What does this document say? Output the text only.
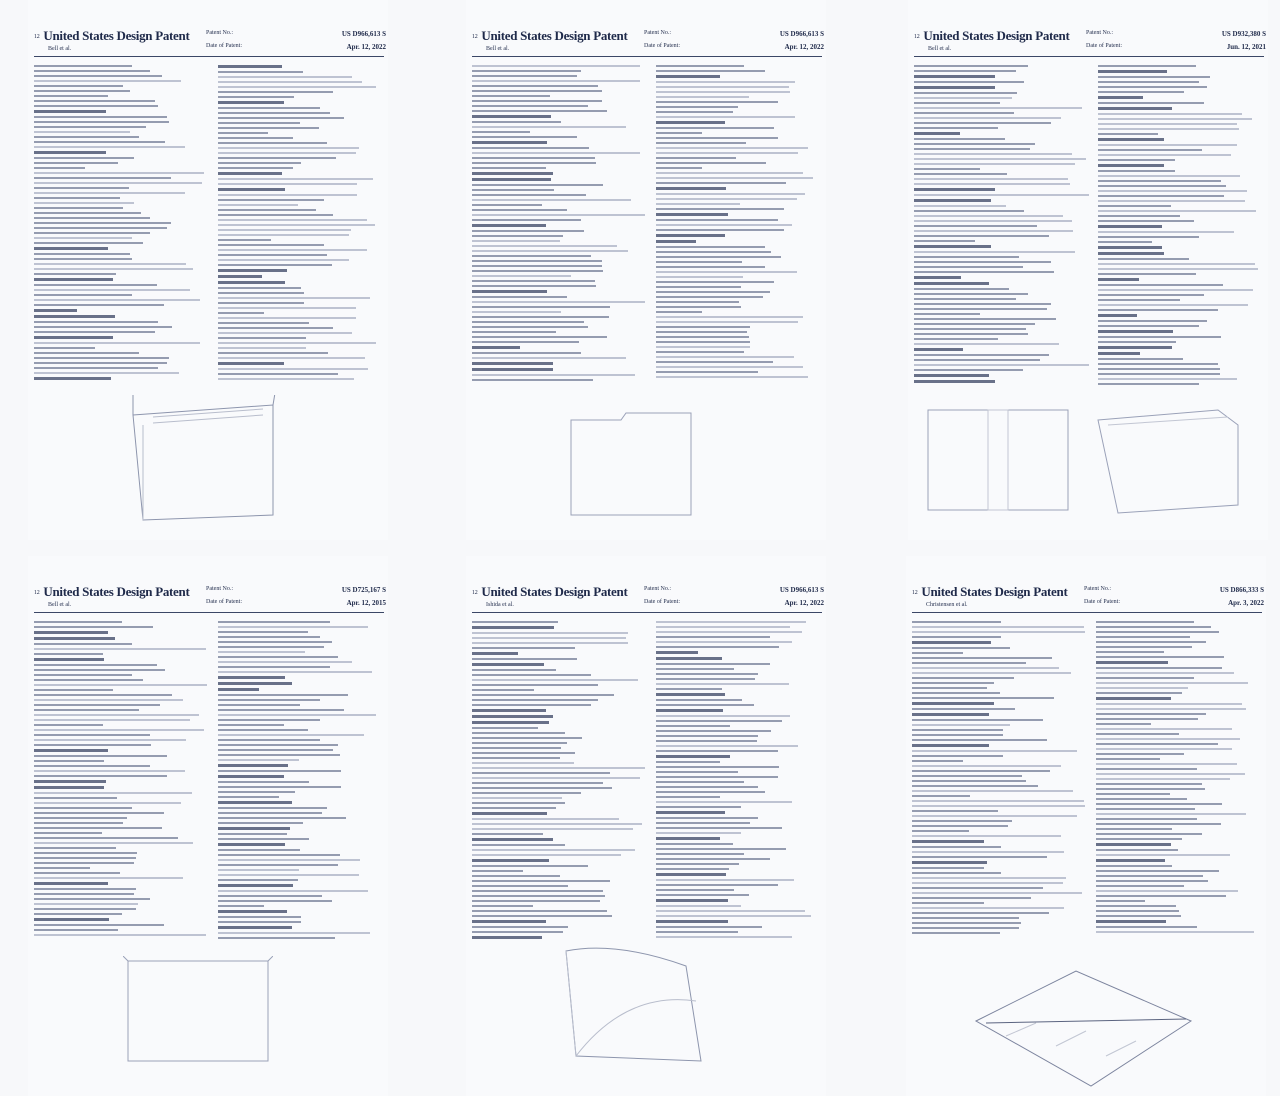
12 United States Design Patent
Bell et al.
Patent No.:	US D966,613 S
Date of Patent:	Apr. 12, 2022
12 United States Design Patent
Bell et al.
Patent No.:	US D966,613 S
Date of Patent:	Apr. 12, 2022
12 United States Design Patent
Bell et al.
Patent No.:	US D932,380 S
Date of Patent:	Jun. 12, 2021
12 United States Design Patent
Bell et al.
Patent No.:	US D725,167 S
Date of Patent:	Apr. 12, 2015
12 United States Design Patent
Ishida et al.
Patent No.:	US D966,613 S
Date of Patent:	Apr. 12, 2022
12 United States Design Patent
Christensen et al.
Patent No.:	US D866,333 S
Date of Patent:	Apr. 3, 2022
